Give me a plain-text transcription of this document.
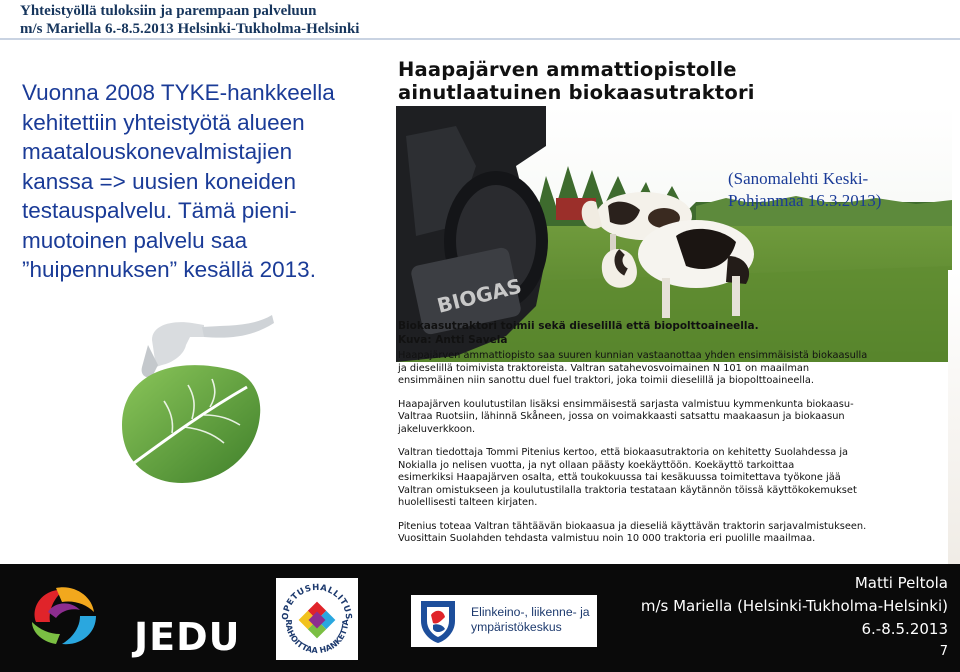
Yhteistyöllä tuloksiin ja parempaan palveluun
m/s Mariella 6.-8.5.2013 Helsinki-Tukholma-Helsinki
Vuonna 2008 TYKE-hankkeella
kehitettiin yhteistyötä alueen
maatalouskonevalmistajien
kanssa => uusien koneiden
testauspalvelu. Tämä pieni-
muotoinen palvelu saa
”huipennuksen” kesällä 2013.
Haapajärven ammattiopistolle
ainutlaatuinen biokaasutraktori
BIOGAS
Biokaasutraktori toimii sekä dieselillä että biopolttoaineella.
Kuva: Antti Savela

Haapajärven ammattiopisto saa suuren kunnian vastaanottaa yhden ensimmäisistä biokaasulla
ja dieselillä toimivista traktoreista. Valtran satahevosvoimainen N 101 on maailman
ensimmäinen niin sanottu duel fuel traktori, joka toimii dieselillä ja biopolttoaineella.

Haapajärven koulutustilan lisäksi ensimmäisestä sarjasta valmistuu kymmenkunta biokaasu-
Valtraa Ruotsiin, lähinnä Skåneen, jossa on voimakkaasti satsattu maakaasun ja biokaasun
jakeluverkkoon.

Valtran tiedottaja Tommi Pitenius kertoo, että biokaasutraktoria on kehitetty Suolahdessa ja
Nokialla jo nelisen vuotta, ja nyt ollaan päästy koekäyttöön. Koekäyttö tarkoittaa
esimerkiksi Haapajärven osalta, että toukokuussa tai kesäkuussa toimitettava työkone jää
Valtran omistukseen ja koulutustilalla traktoria testataan käytännön töissä käyttökokemukset
huolellisesti talteen kirjaten.

Pitenius toteaa Valtran tähtäävän biokaasua ja dieseliä käyttävän traktorin sarjavalmistukseen.
Vuosittain Suolahden tehdasta valmistuu noin 10 000 traktoria eri puolille maailmaa.

(Sanomalehti Keski-
Pohjanmaa 16.3.2013)
JEDU	OPETUSHALLITUS
RAHOITTAA HANKETTA
Elinkeino-, liikenne- ja
ympäristökeskus
Matti Peltola
m/s Mariella (Helsinki-Tukholma-Helsinki)
6.-8.5.2013
7
